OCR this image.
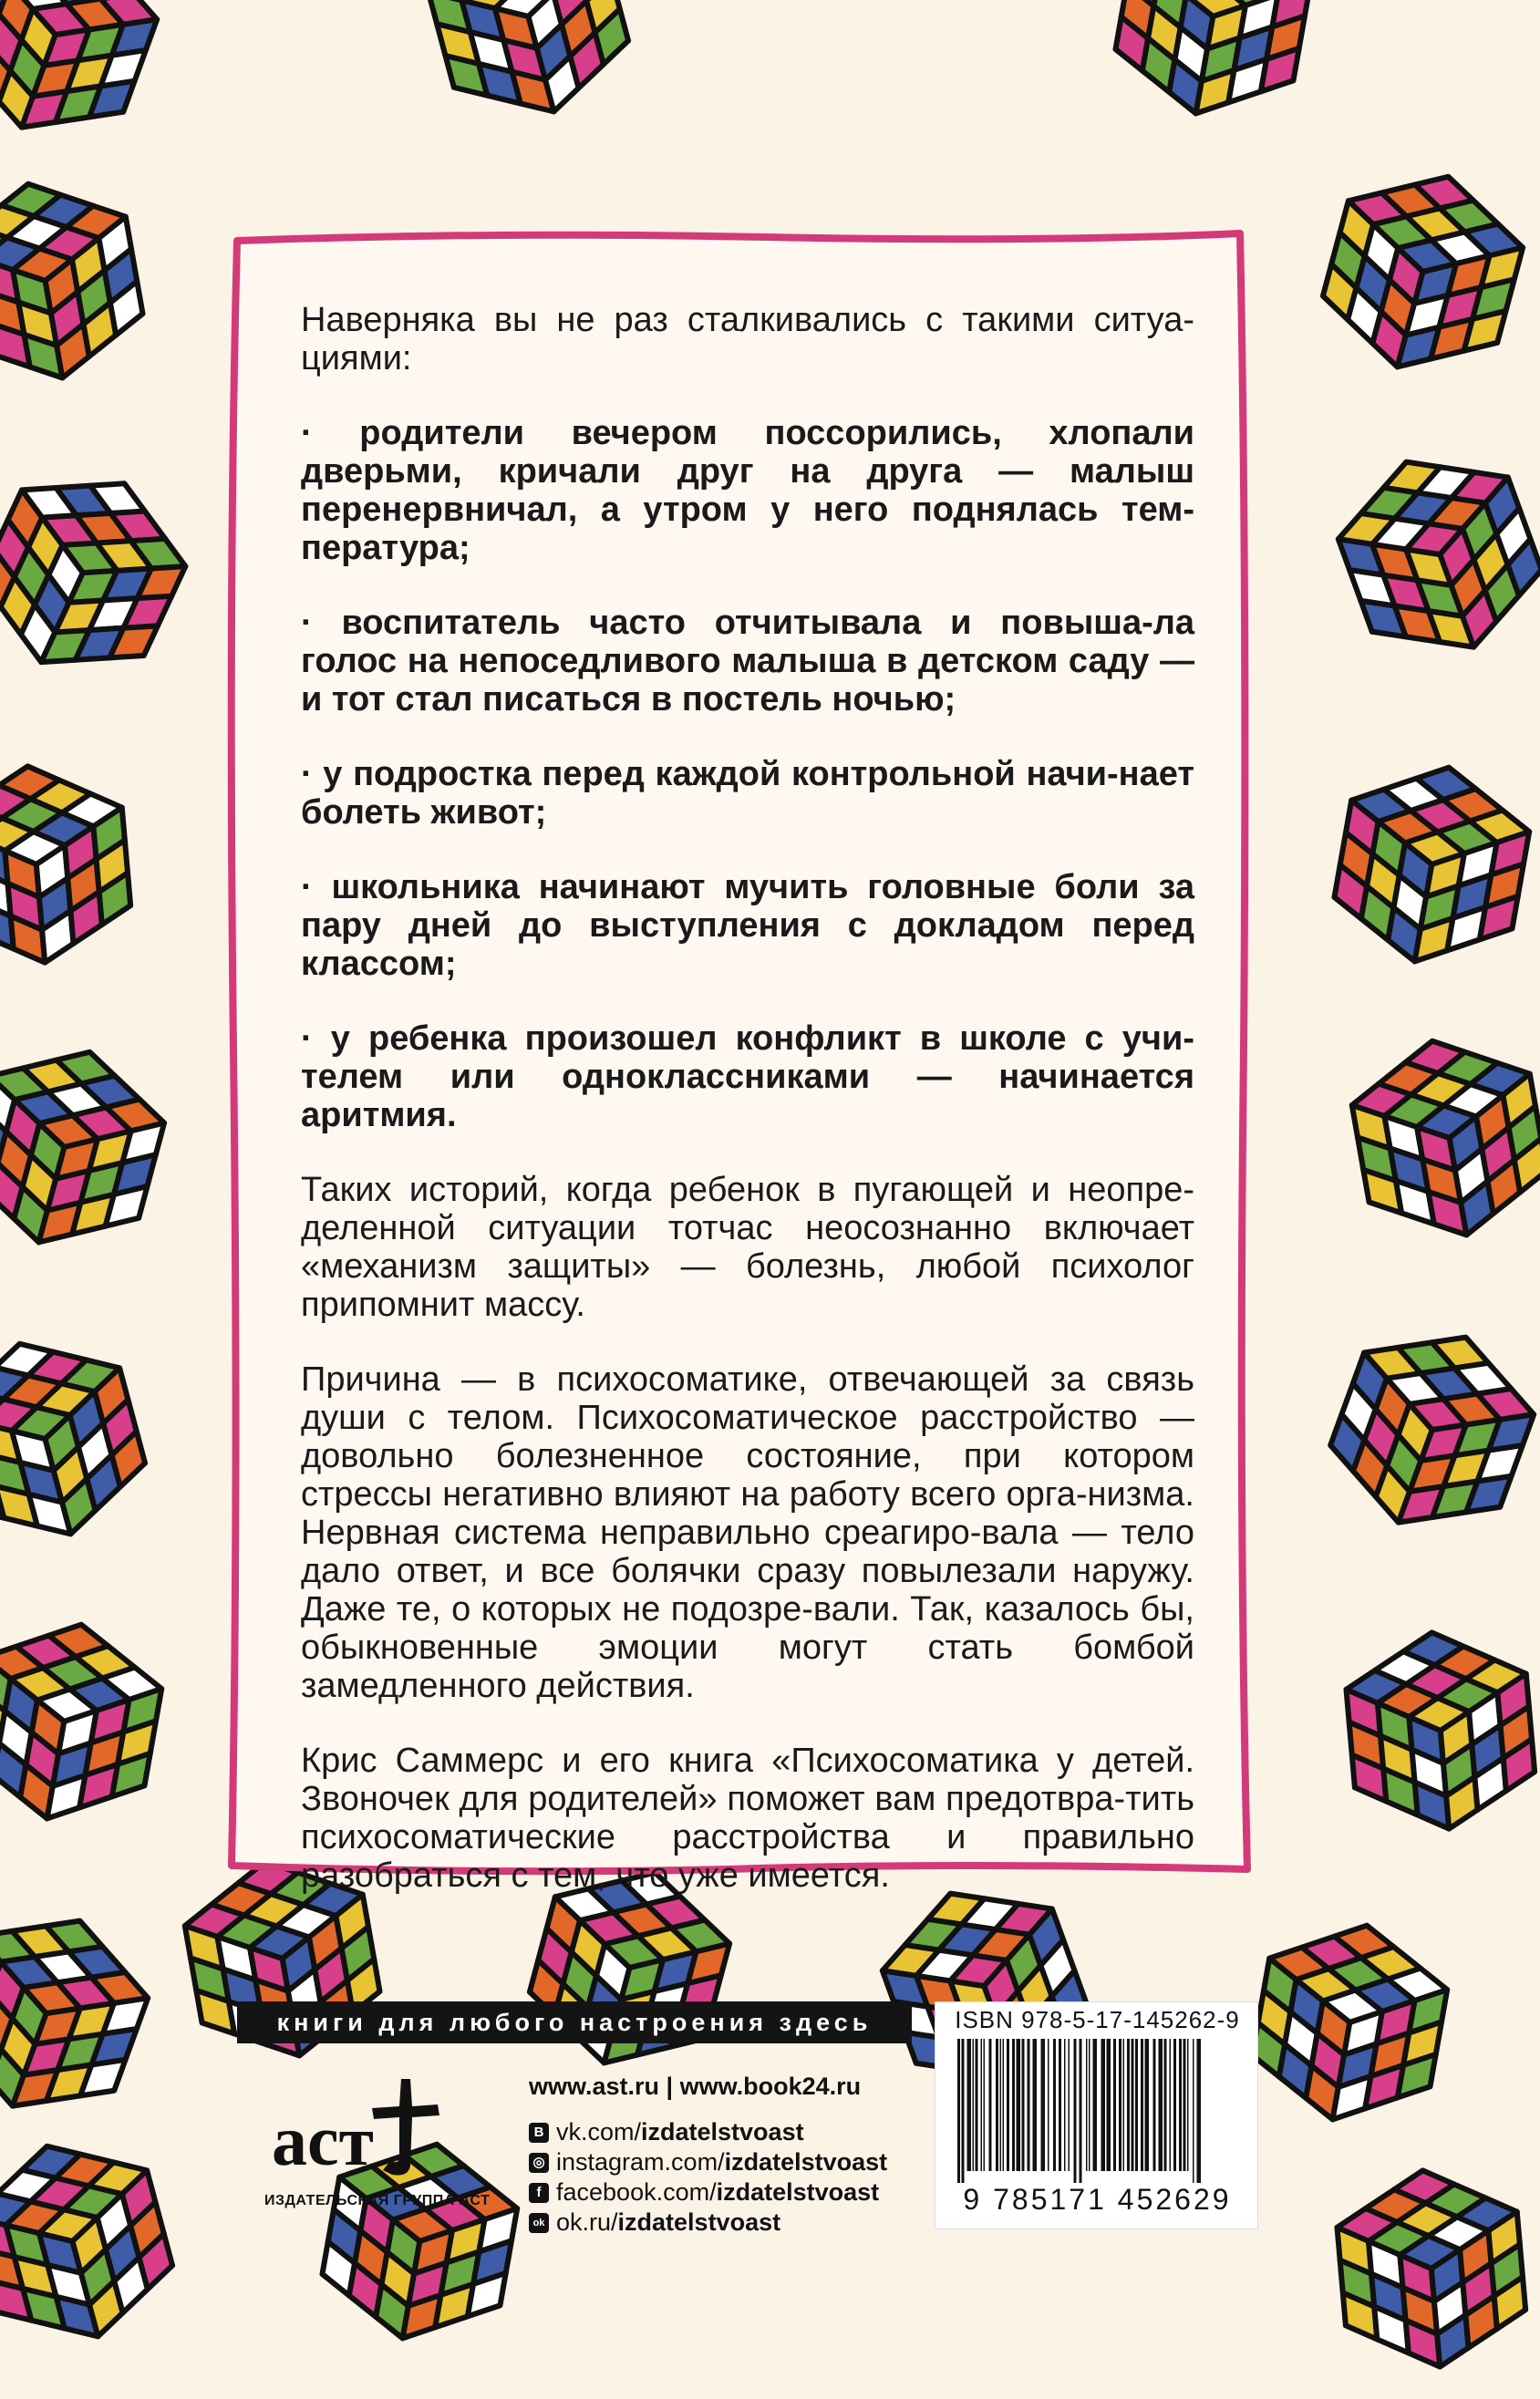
Наверняка вы не раз сталкивались с такими ситуа-циями:

· родители вечером поссорились, хлопали дверьми, кричали друг на друга — малыш перенервничал, а утром у него поднялась тем-пература;

· воспитатель часто отчитывала и повыша-ла голос на непоседливого малыша в детском саду — и тот стал писаться в постель ночью;

· у подростка перед каждой контрольной начи-нает болеть живот;

· школьника начинают мучить головные боли за пару дней до выступления с докладом перед классом;

· у ребенка произошел конфликт в школе с учи-телем или одноклассниками — начинается аритмия.

Таких историй, когда ребенок в пугающей и неопре-деленной ситуации тотчас неосознанно включает «механизм защиты» — болезнь, любой психолог припомнит массу.

Причина — в психосоматике, отвечающей за связь души с телом. Психосоматическое расстройство — довольно болезненное состояние, при котором стрессы негативно влияют на работу всего орга-низма. Нервная система неправильно среагиро-вала — тело дало ответ, и все болячки сразу повылезали наружу. Даже те, о которых не подозре-вали. Так, казалось бы, обыкновенные эмоции могут стать бомбой замедленного действия.

Крис Саммерс и его книга «Психосоматика у детей. Звоночек для родителей» поможет вам предотвра-тить психосоматические расстройства и правильно разобраться с тем, что уже имеется.

книги для любого настроения здесь
аст
ИЗДАТЕЛЬСКАЯ ГРУППА АСТ
www.ast.ru | www.book24.ru
В vk.com/ izdatelstvoast
◎ instagram.com/ izdatelstvoast
f facebook.com/ izdatelstvoast
ok ok.ru/ izdatelstvoast
ISBN 978-5-17-145262-9
9 785171 452629
